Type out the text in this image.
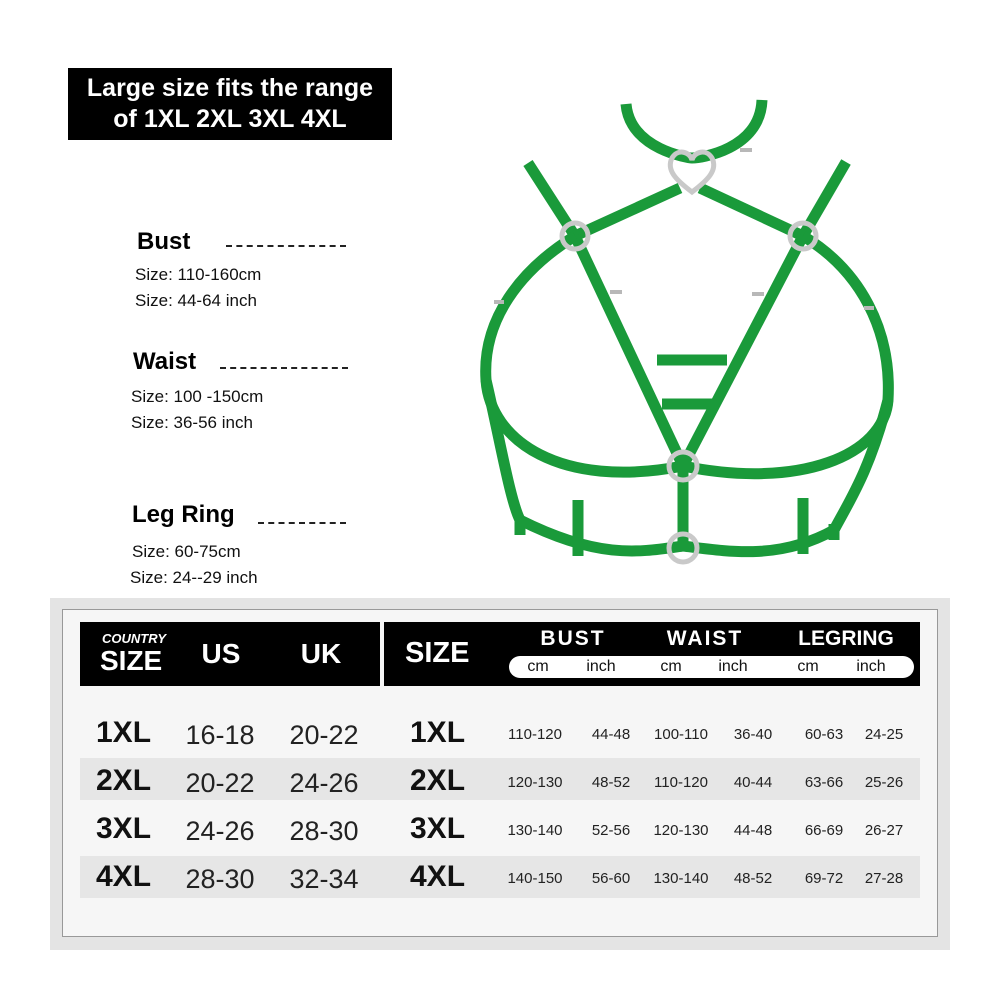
Large size fits the range
of 1XL 2XL 3XL 4XL
Bust
Size: 110-160cm
Size: 44-64 inch
Waist
Size: 100 -150cm
Size: 36-56 inch
Leg Ring
Size: 60-75cm
Size: 24--29 inch
COUNTRY
SIZE	US	UK	SIZE	BUST	WAIST	LEGRING
cm	inch	cm	inch	cm	inch
1XL 16-18 20-22 1XL	110-120	44-48	100-110	36-40	60-63	24-25
2XL 20-22 24-26 2XL	120-130	48-52	110-120	40-44	63-66	25-26
3XL 24-26 28-30 3XL	130-140	52-56	120-130	44-48	66-69	26-27
4XL 28-30 32-34 4XL	140-150	56-60	130-140	48-52	69-72	27-28
